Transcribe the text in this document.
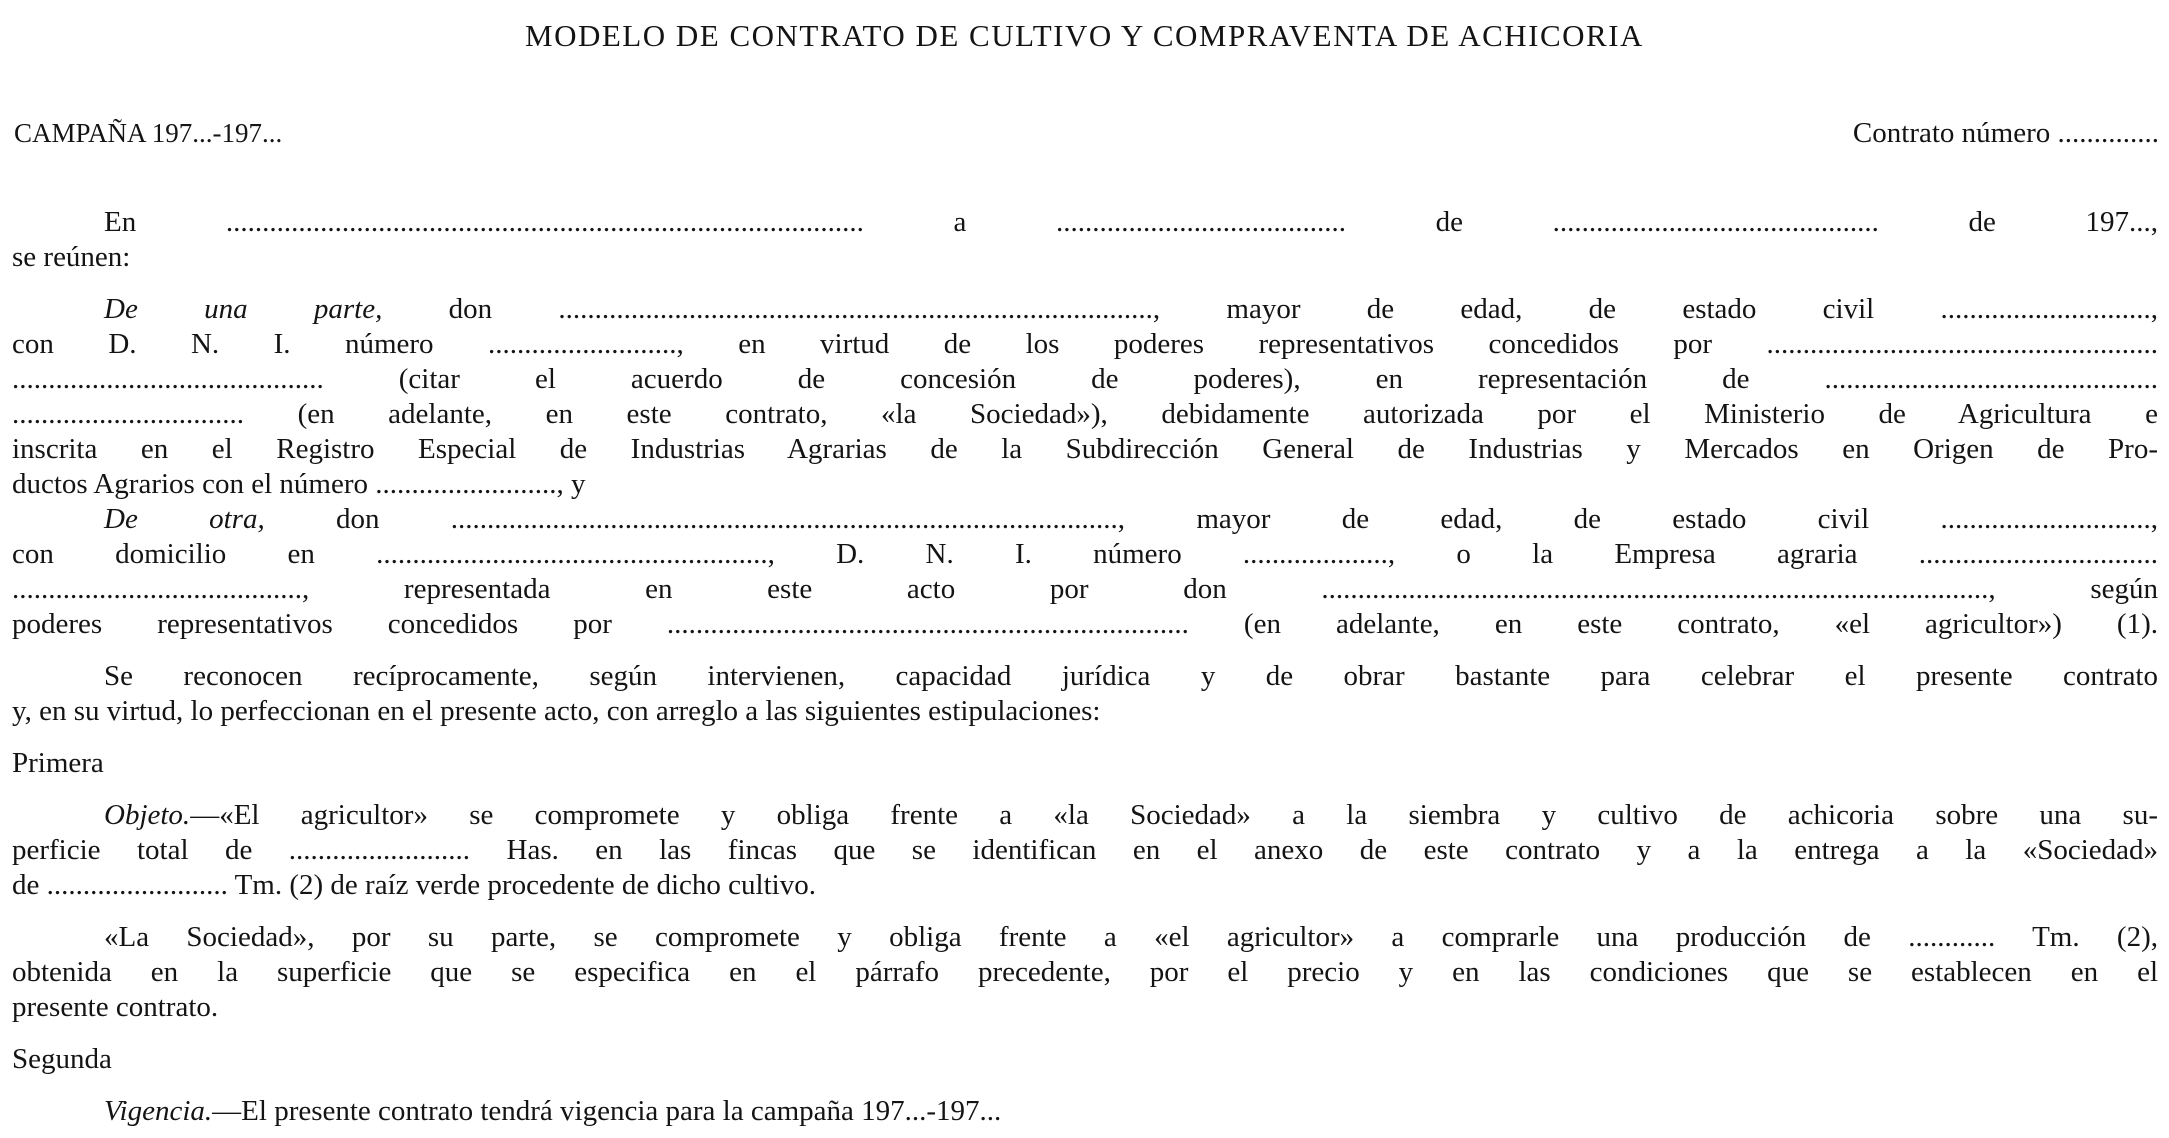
MODELO DE CONTRATO DE CULTIVO Y COMPRAVENTA DE ACHICORIA
CAMPAÑA 197...-197...	Contrato número ..............
En ........................................................................................ a ........................................ de ............................................. de 197...,
se reúnen:
De una parte, don .................................................................................., mayor de edad, de estado civil .............................,
con D. N. I. número .........................., en virtud de los poderes representativos concedidos por ......................................................
........................................... (citar el acuerdo de concesión de poderes), en representación de ..............................................
................................ (en adelante, en este contrato, «la Sociedad»), debidamente autorizada por el Ministerio de Agricultura e
inscrita en el Registro Especial de Industrias Agrarias de la Subdirección General de Industrias y Mercados en Origen de Pro-
ductos Agrarios con el número ........................., y
De otra, don ............................................................................................, mayor de edad, de estado civil .............................,
con domicilio en ......................................................, D. N. I. número ...................., o la Empresa agraria .................................
........................................, representada en este acto por don ............................................................................................, según
poderes representativos concedidos por ........................................................................ (en adelante, en este contrato, «el agricultor») (1).
Se reconocen recíprocamente, según intervienen, capacidad jurídica y de obrar bastante para celebrar el presente contrato
y, en su virtud, lo perfeccionan en el presente acto, con arreglo a las siguientes estipulaciones:
Primera
Objeto.—«El agricultor» se compromete y obliga frente a «la Sociedad» a la siembra y cultivo de achicoria sobre una su-
perficie total de ......................... Has. en las fincas que se identifican en el anexo de este contrato y a la entrega a la «Sociedad»
de ......................... Tm. (2) de raíz verde procedente de dicho cultivo.
«La Sociedad», por su parte, se compromete y obliga frente a «el agricultor» a comprarle una producción de ............ Tm. (2),
obtenida en la superficie que se especifica en el párrafo precedente, por el precio y en las condiciones que se establecen en el
presente contrato.
Segunda
Vigencia.—El presente contrato tendrá vigencia para la campaña 197...-197...
